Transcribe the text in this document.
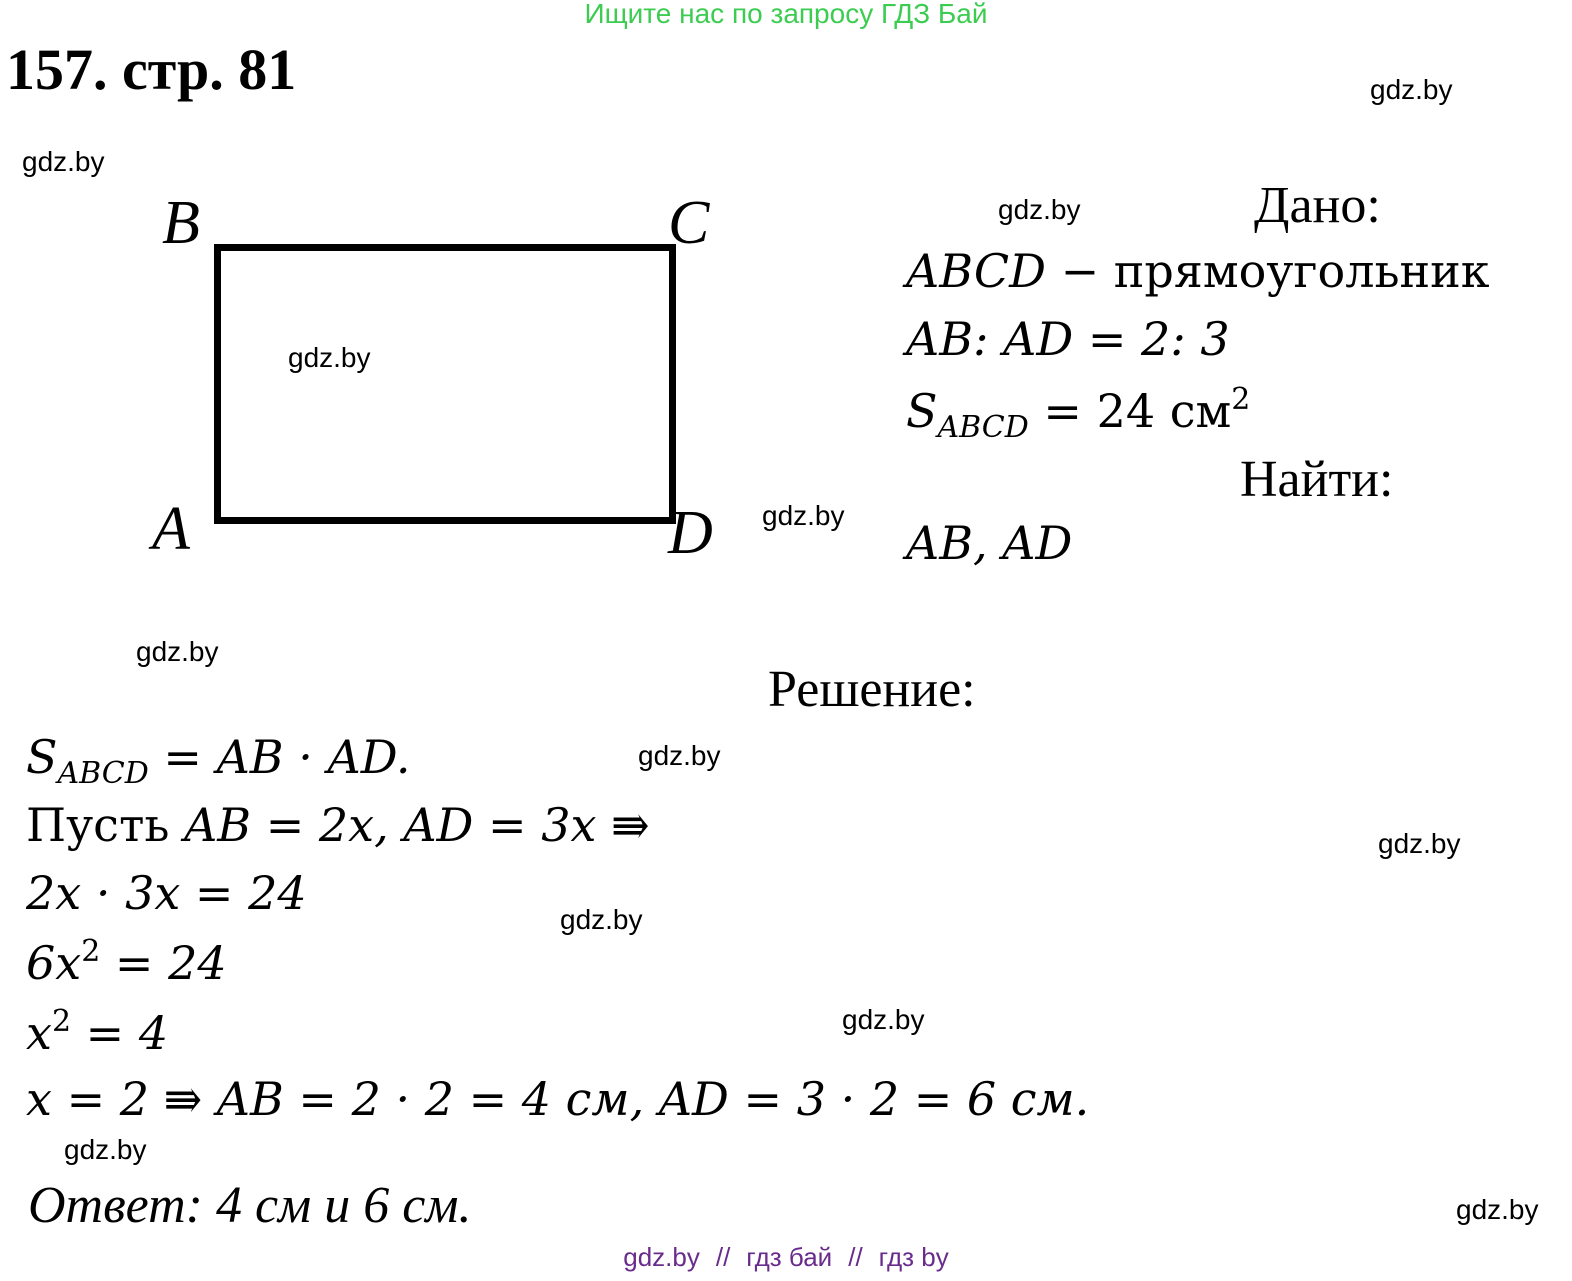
Ищите нас по запросу ГДЗ Бай
157. стр. 81	gdz.by
gdz.by
gdz.by
gdz.by
gdz.by
gdz.by
gdz.by
gdz.by
gdz.by
gdz.by
gdz.by
gdz.by
B	C
A	D
Дано:
ABCD − прямоугольник
AB: AD = 2: 3
$S_{ABCD} = 24$ $см^2$
Найти:
AB, AD
Решение:
$S_{ABCD}$ = AB · AD.
Пусть AB = 2x, AD = 3x ⇛
2x · 3x = 24
$6x^2 = 24$
$x^2 = 4$
x = 2 ⇛ AB = 2 · 2 = 4 см, AD = 3 · 2 = 6 см.
Ответ: 4 см и 6 см.
gdz.by // гдз бай // гдз by
